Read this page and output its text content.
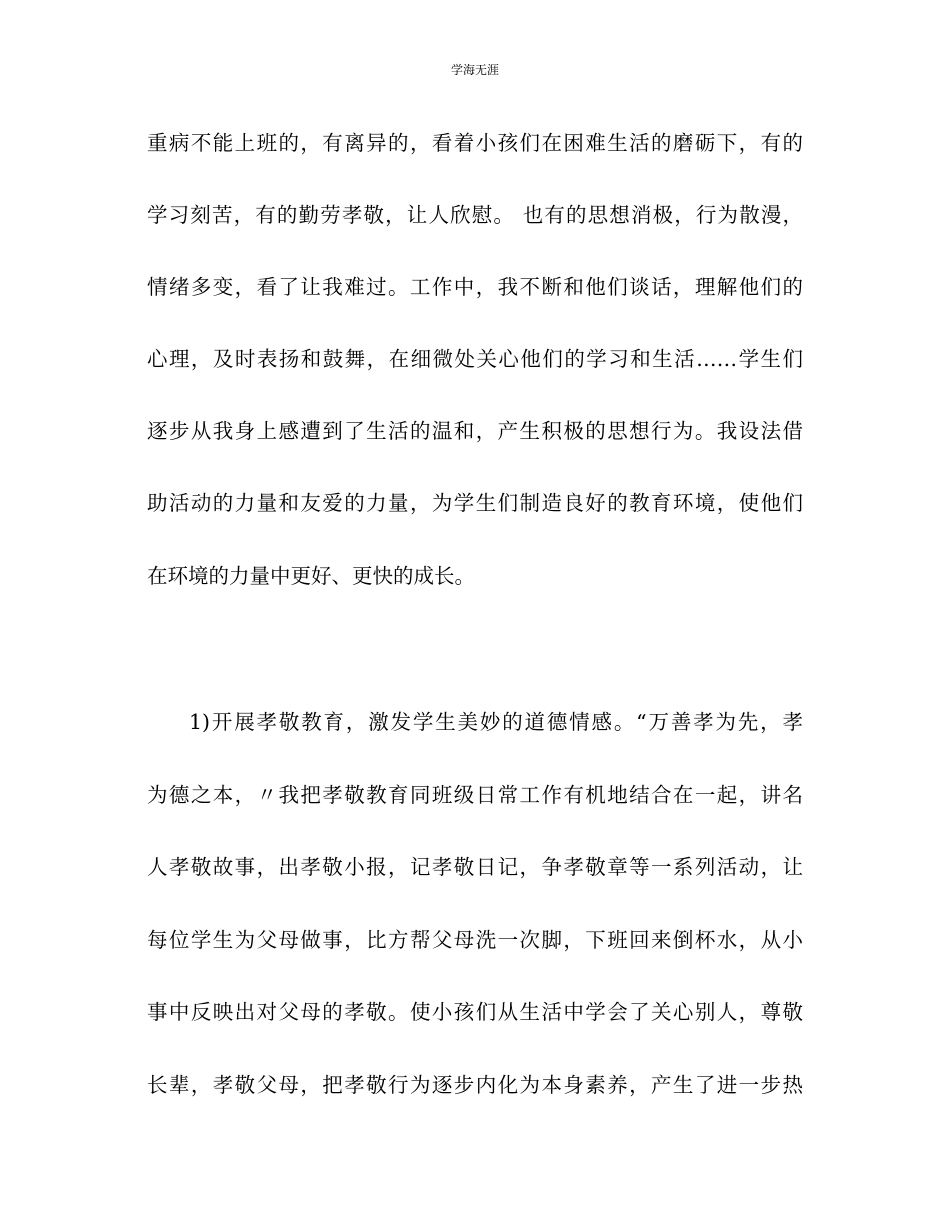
学海无涯
重病不能上班的，有离异的，看着小孩们在困难生活的磨砺下，有的
学习刻苦，有的勤劳孝敬，让人欣慰。 也有的思想消极，行为散漫，
情绪多变，看了让我难过。工作中，我不断和他们谈话，理解他们的
心理，及时表扬和鼓舞，在细微处关心他们的学习和生活……学生们
逐步从我身上感遭到了生活的温和，产生积极的思想行为。我设法借
助活动的力量和友爱的力量，为学生们制造良好的教育环境，使他们
在环境的力量中更好、更快的成长。
1)开展孝敬教育，激发学生美妙的道德情感。“万善孝为先，孝
为德之本，〃我把孝敬教育同班级日常工作有机地结合在一起，讲名
人孝敬故事，出孝敬小报，记孝敬日记，争孝敬章等一系列活动，让
每位学生为父母做事，比方帮父母洗一次脚，下班回来倒杯水，从小
事中反映出对父母的孝敬。使小孩们从生活中学会了关心别人，尊敬
长辈，孝敬父母，把孝敬行为逐步内化为本身素养，产生了进一步热
